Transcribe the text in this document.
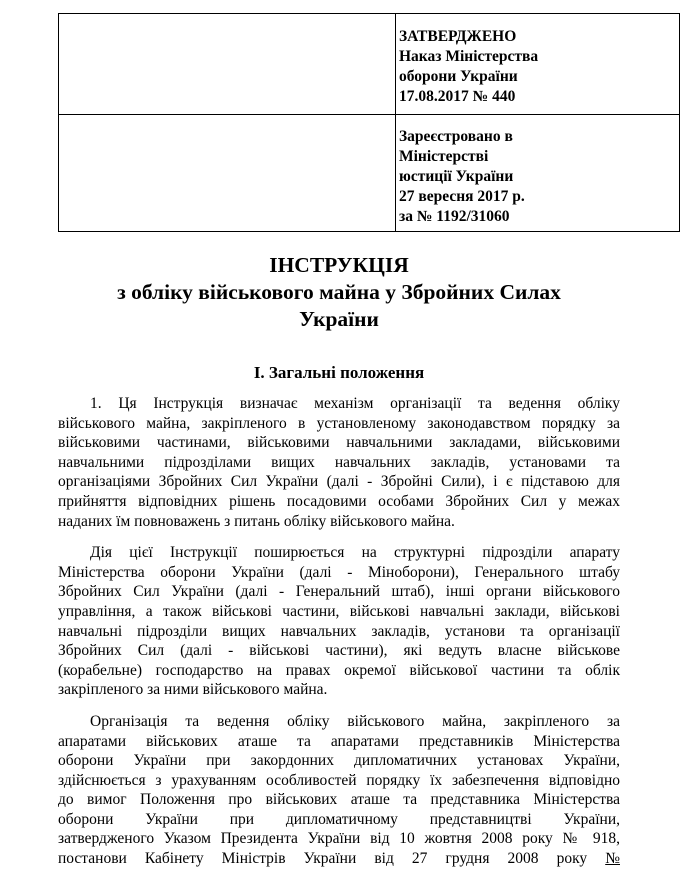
	ЗАТВЕРДЖЕНО
Наказ Міністерства
оборони України
17.08.2017 № 440

	Зареєстровано в
Міністерстві
юстиції України
27 вересня 2017 р.
за № 1192/31060
ІНСТРУКЦІЯ
з обліку військового майна у Збройних Силах
України
І. Загальні положення
1. Ця Інструкція визначає механізм організації та ведення обліку
військового майна, закріпленого в установленому законодавством порядку за
військовими частинами, військовими навчальними закладами, військовими
навчальними підрозділами вищих навчальних закладів, установами та
організаціями Збройних Сил України (далі - Збройні Сили), і є підставою для
прийняття відповідних рішень посадовими особами Збройних Сил у межах
наданих їм повноважень з питань обліку військового майна.
Дія цієї Інструкції поширюється на структурні підрозділи апарату
Міністерства оборони України (далі - Міноборони), Генерального штабу
Збройних Сил України (далі - Генеральний штаб), інші органи військового
управління, а також військові частини, військові навчальні заклади, військові
навчальні підрозділи вищих навчальних закладів, установи та організації
Збройних Сил (далі - військові частини), які ведуть власне військове
(корабельне) господарство на правах окремої військової частини та облік
закріпленого за ними військового майна.
Організація та ведення обліку військового майна, закріпленого за
апаратами військових аташе та апаратами представників Міністерства
оборони України при закордонних дипломатичних установах України,
здійснюється з урахуванням особливостей порядку їх забезпечення відповідно
до вимог Положення про військових аташе та представника Міністерства
оборони України при дипломатичному представництві України,
затвердженого Указом Президента України від 10 жовтня 2008 року № 918,
постанови Кабінету Міністрів України від 27 грудня 2008 року №
